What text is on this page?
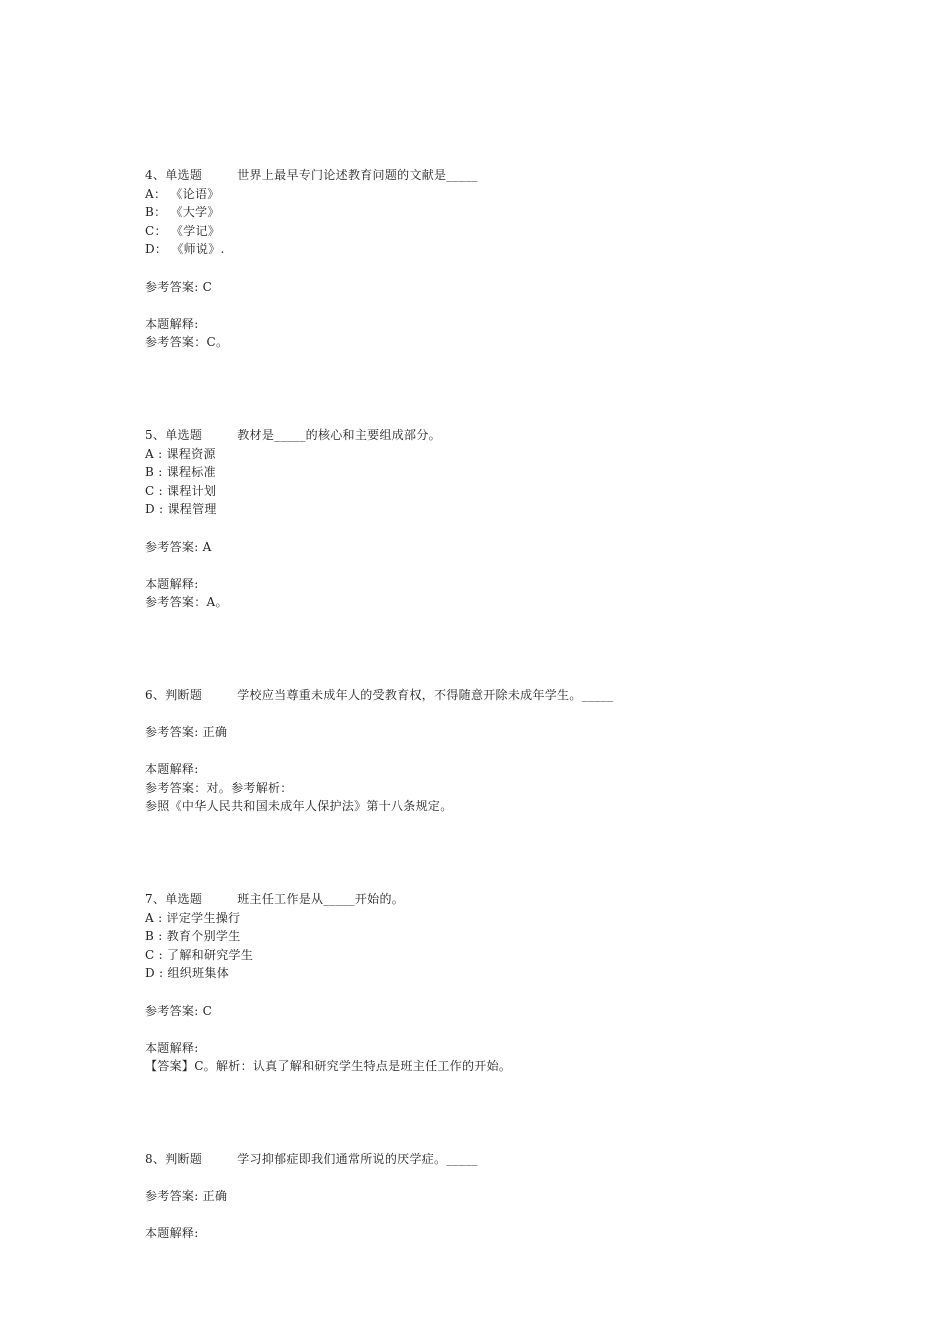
4、单选题	世界上最早专门论述教育问题的文献是_____
A： 《论语》
B： 《大学》
C： 《学记》
D： 《师说》.
参考答案: C
本题解释:
参考答案：C。
5、单选题	教材是_____的核心和主要组成部分。
A : 课程资源
B : 课程标准
C : 课程计划
D : 课程管理
参考答案: A
本题解释:
参考答案：A。
6、判断题	学校应当尊重未成年人的受教育权，不得随意开除未成年学生。_____
参考答案: 正确
本题解释:
参考答案：对。参考解析：
参照《中华人民共和国未成年人保护法》第十八条规定。
7、单选题	班主任工作是从_____开始的。
A : 评定学生操行
B : 教育个别学生
C : 了解和研究学生
D : 组织班集体
参考答案: C
本题解释:
【答案】C。解析：认真了解和研究学生特点是班主任工作的开始。
8、判断题	学习抑郁症即我们通常所说的厌学症。_____
参考答案: 正确
本题解释:
